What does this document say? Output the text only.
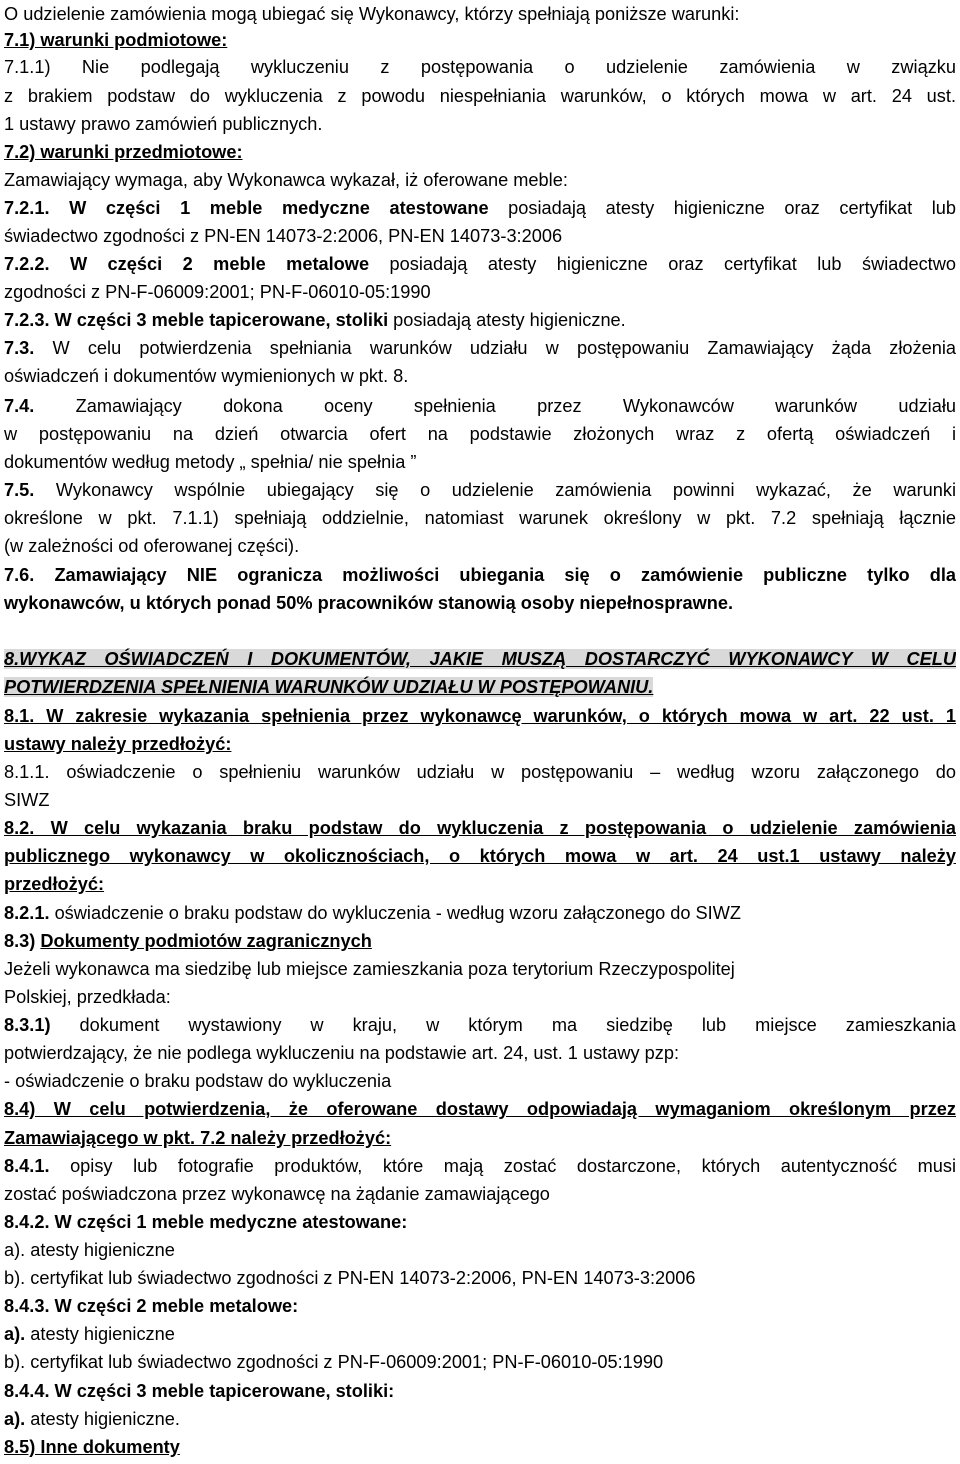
O udzielenie zamówienia mogą ubiegać się Wykonawcy, którzy spełniają poniższe warunki:
7.1) warunki podmiotowe:
7.1.1) Nie podlegają wykluczeniu z postępowania o udzielenie zamówienia w związku
z brakiem podstaw do wykluczenia z powodu niespełniania warunków, o których mowa w art. 24 ust.
1 ustawy prawo zamówień publicznych.
7.2) warunki przedmiotowe:
Zamawiający wymaga, aby Wykonawca wykazał, iż oferowane meble:
7.2.1. W części 1 meble medyczne atestowane posiadają atesty higieniczne oraz certyfikat lub
świadectwo zgodności z PN-EN 14073-2:2006, PN-EN 14073-3:2006
7.2.2. W części 2 meble metalowe posiadają atesty higieniczne oraz certyfikat lub świadectwo
zgodności z PN-F-06009:2001; PN-F-06010-05:1990
7.2.3. W części 3 meble tapicerowane, stoliki posiadają atesty higieniczne.
7.3. W celu potwierdzenia spełniania warunków udziału w postępowaniu Zamawiający żąda złożenia
oświadczeń i dokumentów wymienionych w pkt. 8.
7.4. Zamawiający dokona oceny spełnienia przez Wykonawców warunków udziału
w postępowaniu na dzień otwarcia ofert na podstawie złożonych wraz z ofertą oświadczeń i
dokumentów według metody „ spełnia/ nie spełnia ”
7.5. Wykonawcy wspólnie ubiegający się o udzielenie zamówienia powinni wykazać, że warunki
określone w pkt. 7.1.1) spełniają oddzielnie, natomiast warunek określony w pkt. 7.2 spełniają łącznie
(w zależności od oferowanej części).
7.6. Zamawiający NIE ogranicza możliwości ubiegania się o zamówienie publiczne tylko dla
wykonawców, u których ponad 50% pracowników stanowią osoby niepełnosprawne.
8.WYKAZ OŚWIADCZEŃ I DOKUMENTÓW, JAKIE MUSZĄ DOSTARCZYĆ WYKONAWCY W CELU
POTWIERDZENIA SPEŁNIENIA WARUNKÓW UDZIAŁU W POSTĘPOWANIU.
8.1. W zakresie wykazania spełnienia przez wykonawcę warunków, o których mowa w art. 22 ust. 1
ustawy należy przedłożyć:
8.1.1. oświadczenie o spełnieniu warunków udziału w postępowaniu – według wzoru załączonego do
SIWZ
8.2. W celu wykazania braku podstaw do wykluczenia z postępowania o udzielenie zamówienia
publicznego wykonawcy w okolicznościach, o których mowa w art. 24 ust.1 ustawy należy
przedłożyć:
8.2.1. oświadczenie o braku podstaw do wykluczenia - według wzoru załączonego do SIWZ
8.3) Dokumenty podmiotów zagranicznych
Jeżeli wykonawca ma siedzibę lub miejsce zamieszkania poza terytorium Rzeczypospolitej
Polskiej, przedkłada:
8.3.1) dokument wystawiony w kraju, w którym ma siedzibę lub miejsce zamieszkania
potwierdzający, że nie podlega wykluczeniu na podstawie art. 24, ust. 1 ustawy pzp:
- oświadczenie o braku podstaw do wykluczenia
8.4) W celu potwierdzenia, że oferowane dostawy odpowiadają wymaganiom określonym przez
Zamawiającego w pkt. 7.2 należy przedłożyć:
8.4.1. opisy lub fotografie produktów, które mają zostać dostarczone, których autentyczność musi
zostać poświadczona przez wykonawcę na żądanie zamawiającego
8.4.2. W części 1 meble medyczne atestowane:
a). atesty higieniczne
b). certyfikat lub świadectwo zgodności z PN-EN 14073-2:2006, PN-EN 14073-3:2006
8.4.3. W części 2 meble metalowe:
a). atesty higieniczne
b). certyfikat lub świadectwo zgodności z PN-F-06009:2001; PN-F-06010-05:1990
8.4.4. W części 3 meble tapicerowane, stoliki:
a). atesty higieniczne.
8.5) Inne dokumenty
